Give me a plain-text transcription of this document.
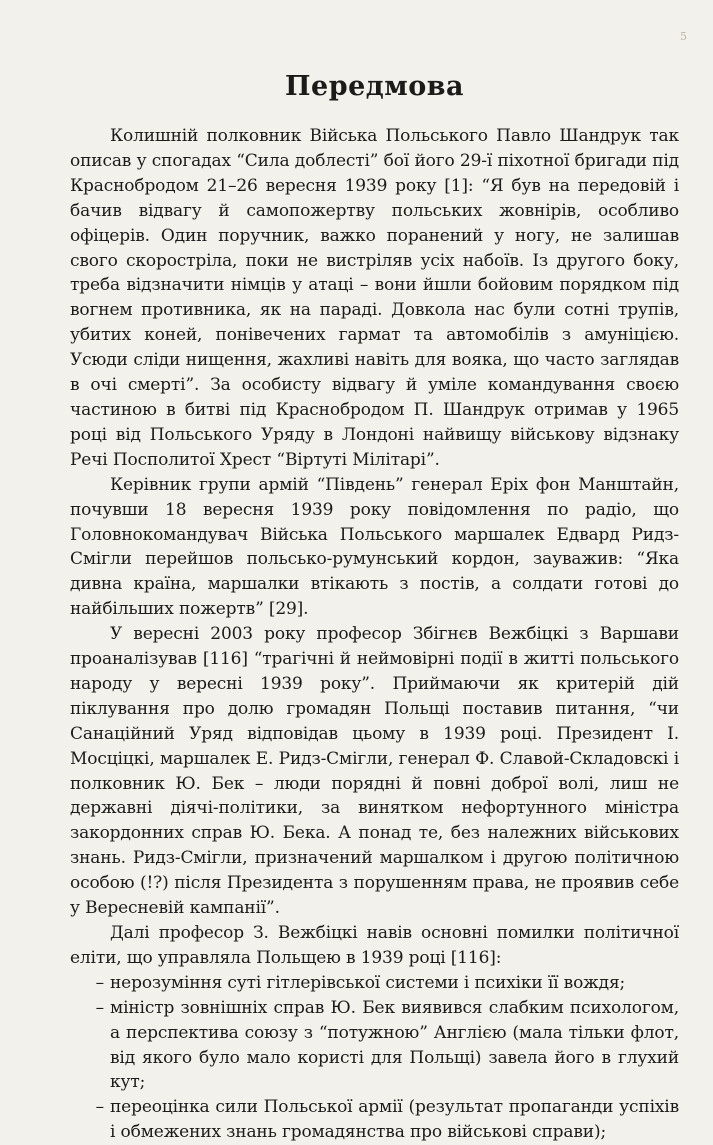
5
Передмова

Колишній полковник Війська Польського Павло Шандрук так описав у спогадах “Сила доблесті” бої його 29-ї піхотної бригади під Краснобродом 21–26 вересня 1939 року [1]: “Я був на передовій і бачив відвагу й самопожертву польських жовнірів, особливо офіцерів. Один поручник, важко поранений у ногу, не залишав свого скорострілa, поки не вистріляв усіх набоїв. Із другого боку, треба відзначити німців у атаці – вони йшли бойовим порядком під вогнем противника, як на параді. Довкола нас були сотні трупів, убитих коней, понівечених гармат та автомобілів з амуніцією. Усюди сліди нищення, жахливі навіть для вояка, що часто заглядав в очі смерті”. За особисту відвагу й уміле командування своєю частиною в битві під Краснобродом П. Шандрук отримав у 1965 році від Польського Уряду в Лондоні найвищу військову відзнаку Речі Посполитої Хрест “Віртуті Мілітарі”.

Керівник групи армій “Південь” генерал Еріх фон Манштайн, почувши 18 вересня 1939 року повідомлення по радіо, що Головнокомандувач Війська Польського маршалек Едвард Ридз-Смігли перейшов польсько-румунський кордон, зауважив: “Яка дивна країна, маршалки втікають з постів, а солдати готові до найбільших пожертв” [29].

У вересні 2003 року професор Збігнєв Вежбіцкі з Варшави проаналізував [116] “трагічні й неймовірні події в житті польського народу у вересні 1939 року”. Приймаючи як критерій дій піклування про долю громадян Польщі поставив питання, “чи Санаційний Уряд відповідав цьому в 1939 році. Президент І. Мосціцкі, маршалек Е. Ридз-Смігли, генерал Ф. Славой-Складовскі і полковник Ю. Бек – люди порядні й повні доброї волі, лиш не державні діячі-політики, за винятком нефортунного міністра закордонних справ Ю. Бека. А понад те, без належних військових знань. Ридз-Смігли, призначений маршалком і другою політичною особою (!?) після Президента з порушенням права, не проявив себе у Вересневій кампанії”.

Далі професор З. Вежбіцкі навів основні помилки політичної еліти, що управляла Польщею в 1939 році [116]:

– нерозуміння суті гітлерівської системи і психіки її вождя;
– міністр зовнішніх справ Ю. Бек виявився слабким психологом, а перспектива союзу з “потужною” Англією (мала тільки флот, від якого було мало користі для Польщі) завела його в глухий кут;
– переоцінка сили Польської армії (результат пропаганди успіхів і обмежених знань громадянства про військові справи);
